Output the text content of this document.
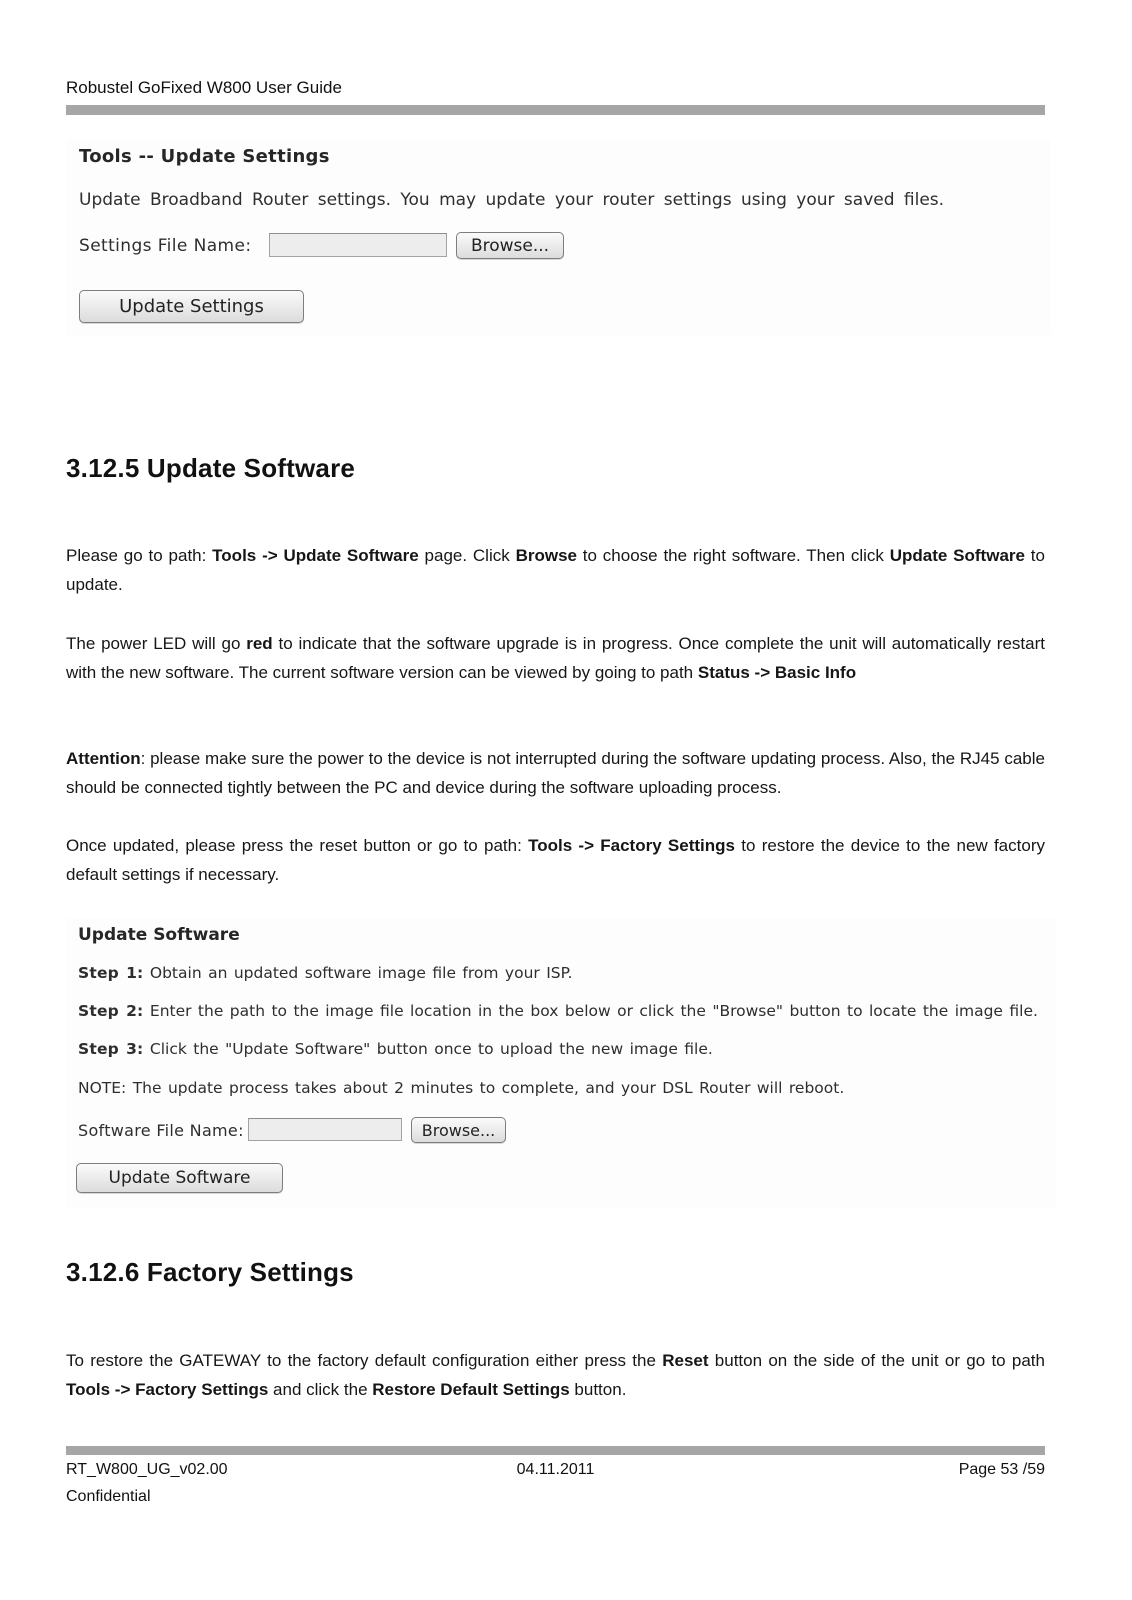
Robustel GoFixed W800 User Guide
Tools -- Update Settings
Update Broadband Router settings. You may update your router settings using your saved files.
Settings File Name:	Browse...
Update Settings
3.12.5 Update Software

Please go to path: Tools -> Update Software page. Click Browse to choose the right software. Then click Update Software to update.

The power LED will go red to indicate that the software upgrade is in progress. Once complete the unit will automatically restart with the new software. The current software version can be viewed by going to path Status -> Basic Info

Attention: please make sure the power to the device is not interrupted during the software updating process. Also, the RJ45 cable should be connected tightly between the PC and device during the software uploading process.

Once updated, please press the reset button or go to path: Tools -> Factory Settings to restore the device to the new factory default settings if necessary.

Update Software
Step 1: Obtain an updated software image file from your ISP.
Step 2: Enter the path to the image file location in the box below or click the "Browse" button to locate the image file.
Step 3: Click the "Update Software" button once to upload the new image file.
NOTE: The update process takes about 2 minutes to complete, and your DSL Router will reboot.
Software File Name:	Browse...
Update Software
3.12.6 Factory Settings

To restore the GATEWAY to the factory default configuration either press the Reset button on the side of the unit or go to path Tools -> Factory Settings and click the Restore Default Settings button.

RT_W800_UG_v02.00	04.11.2011	Page 53 /59
Confidential
